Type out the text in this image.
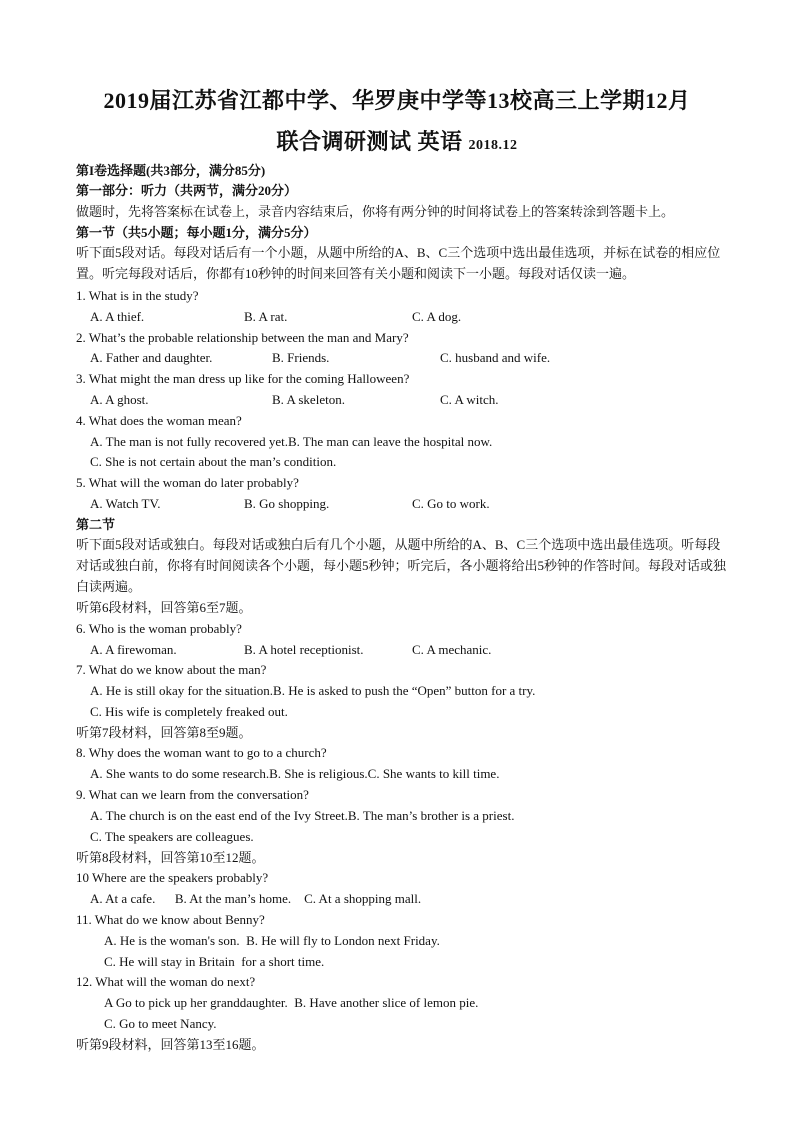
2019届江苏省江都中学、华罗庚中学等13校高三上学期12月
联合调研测试 英语 2018.12
第I卷选择题(共3部分，满分85分)
第一部分：听力（共两节，满分20分）
做题时，先将答案标在试卷上，录音内容结束后，你将有两分钟的时间将试卷上的答案转涂到答题卡上。
第一节（共5小题；每小题1分，满分5分）
听下面5段对话。每段对话后有一个小题，从题中所给的A、B、C三个选项中选出最佳选项，并标在试卷的相应位置。听完每段对话后，你都有10秒钟的时间来回答有关小题和阅读下一小题。每段对话仅读一遍。
1. What is in the study?
A. A thief.	B. A rat.	C. A dog.
2. What’s the probable relationship between the man and Mary?
A. Father and daughter.	B. Friends.	C. husband and wife.
3. What might the man dress up like for the coming Halloween?
A. A ghost.	B. A skeleton.	C. A witch.
4. What does the woman mean?
A. The man is not fully recovered yet.B. The man can leave the hospital now.
C. She is not certain about the man’s condition.
5. What will the woman do later probably?
A. Watch TV.	B. Go shopping.	C. Go to work.
第二节
听下面5段对话或独白。每段对话或独白后有几个小题，从题中所给的A、B、C三个选项中选出最佳选项。听每段对话或独白前，你将有时间阅读各个小题，每小题5秒钟；听完后，各小题将给出5秒钟的作答时间。每段对话或独白读两遍。
听第6段材料，回答第6至7题。
6. Who is the woman probably?
A. A firewoman.	B. A hotel receptionist.	C. A mechanic.
7. What do we know about the man?
A. He is still okay for the situation.B. He is asked to push the “Open” button for a try.
C. His wife is completely freaked out.
听第7段材料，回答第8至9题。
8. Why does the woman want to go to a church?
A. She wants to do some research.B. She is religious.C. She wants to kill time.
9. What can we learn from the conversation?
A. The church is on the east end of the Ivy Street.B. The man’s brother is a priest.
C. The speakers are colleagues.
听第8段材料，回答第10至12题。
10 Where are the speakers probably?
A. At a cafe.      B. At the man’s home.    C. At a shopping mall.
11. What do we know about Benny?
A. He is the woman's son.  B. He will fly to London next Friday.
C. He will stay in Britain  for a short time.
12. What will the woman do next?
A Go to pick up her granddaughter.  B. Have another slice of lemon pie.
C. Go to meet Nancy.
听第9段材料，回答第13至16题。
